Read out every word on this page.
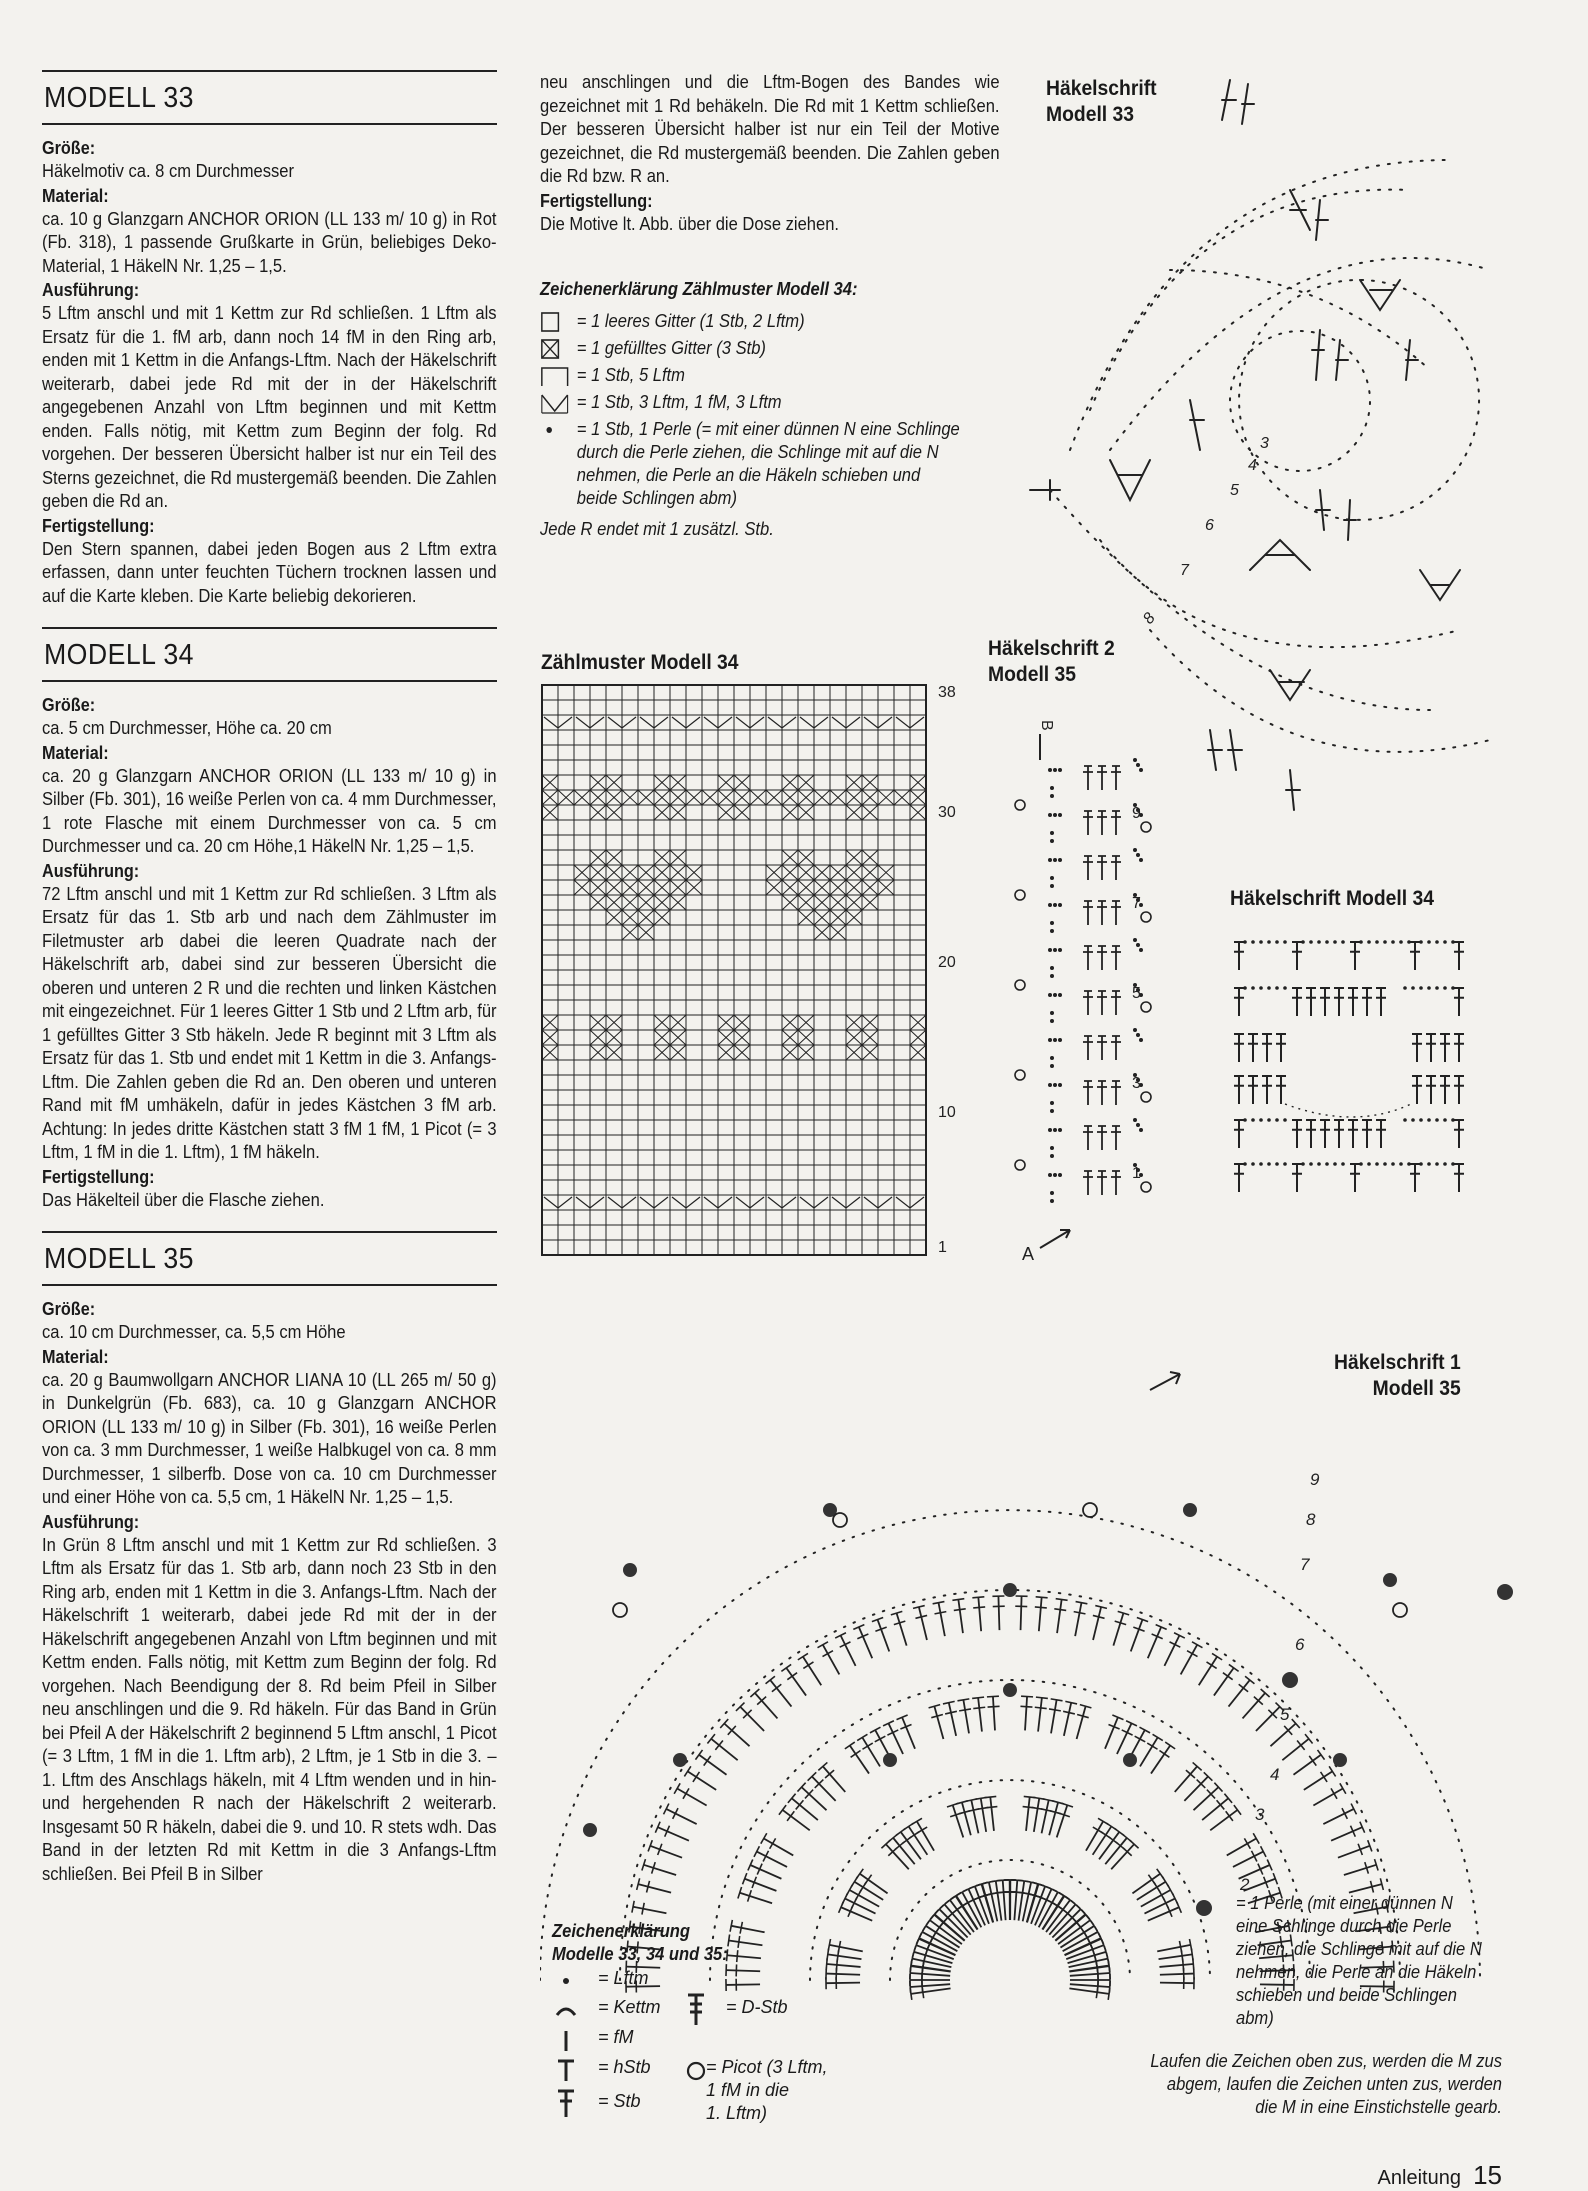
MODELL 33
Größe:
Häkelmotiv ca. 8 cm Durchmesser
Material:
ca. 10 g Glanzgarn ANCHOR ORION (LL 133 m/ 10 g) in Rot (Fb. 318), 1 passende Grußkarte in Grün, beliebiges Deko-Material, 1 HäkelN Nr. 1,25 – 1,5.
Ausführung:
5 Lftm anschl und mit 1 Kettm zur Rd schließen. 1 Lftm als Ersatz für die 1. fM arb, dann noch 14 fM in den Ring arb, enden mit 1 Kettm in die Anfangs-Lftm. Nach der Häkelschrift weiterarb, dabei jede Rd mit der in der Häkelschrift angegebenen Anzahl von Lftm beginnen und mit Kettm enden. Falls nötig, mit Kettm zum Beginn der folg. Rd vorgehen. Der besseren Übersicht halber ist nur ein Teil des Sterns gezeichnet, die Rd mustergemäß beenden. Die Zahlen geben die Rd an.
Fertigstellung:
Den Stern spannen, dabei jeden Bogen aus 2 Lftm extra erfassen, dann unter feuchten Tüchern trocknen lassen und auf die Karte kleben. Die Karte beliebig dekorieren.
MODELL 34
Größe:
ca. 5 cm Durchmesser, Höhe ca. 20 cm
Material:
ca. 20 g Glanzgarn ANCHOR ORION (LL 133 m/ 10 g) in Silber (Fb. 301), 16 weiße Perlen von ca. 4 mm Durchmesser, 1 rote Flasche mit einem Durchmesser von ca. 5 cm Durchmesser und ca. 20 cm Höhe,1 HäkelN Nr. 1,25 – 1,5.
Ausführung:
72 Lftm anschl und mit 1 Kettm zur Rd schließen. 3 Lftm als Ersatz für das 1. Stb arb und nach dem Zählmuster im Filetmuster arb dabei die leeren Quadrate nach der Häkelschrift arb, dabei sind zur besseren Übersicht die oberen und unteren 2 R und die rechten und linken Kästchen mit eingezeichnet. Für 1 leeres Gitter 1 Stb und 2 Lftm arb, für 1 gefülltes Gitter 3 Stb häkeln. Jede R beginnt mit 3 Lftm als Ersatz für das 1. Stb und endet mit 1 Kettm in die 3. Anfangs-Lftm. Die Zahlen geben die Rd an. Den oberen und unteren Rand mit fM umhäkeln, dafür in jedes Kästchen 3 fM arb. Achtung: In jedes dritte Kästchen statt 3 fM 1 fM, 1 Picot (= 3 Lftm, 1 fM in die 1. Lftm), 1 fM häkeln.
Fertigstellung:
Das Häkelteil über die Flasche ziehen.
MODELL 35
Größe:
ca. 10 cm Durchmesser, ca. 5,5 cm Höhe
Material:
ca. 20 g Baumwollgarn ANCHOR LIANA 10 (LL 265 m/ 50 g) in Dunkelgrün (Fb. 683), ca. 10 g Glanzgarn ANCHOR ORION (LL 133 m/ 10 g) in Silber (Fb. 301), 16 weiße Perlen von ca. 3 mm Durchmesser, 1 weiße Halbkugel von ca. 8 mm Durchmesser, 1 silberfb. Dose von ca. 10 cm Durchmesser und einer Höhe von ca. 5,5 cm, 1 HäkelN Nr. 1,25 – 1,5.
Ausführung:
In Grün 8 Lftm anschl und mit 1 Kettm zur Rd schließen. 3 Lftm als Ersatz für das 1. Stb arb, dann noch 23 Stb in den Ring arb, enden mit 1 Kettm in die 3. Anfangs-Lftm. Nach der Häkelschrift 1 weiterarb, dabei jede Rd mit der in der Häkelschrift angegebenen Anzahl von Lftm beginnen und mit Kettm enden. Falls nötig, mit Kettm zum Beginn der folg. Rd vorgehen. Nach Beendigung der 8. Rd beim Pfeil in Silber neu anschlingen und die 9. Rd häkeln. Für das Band in Grün bei Pfeil A der Häkelschrift 2 beginnend 5 Lftm anschl, 1 Picot (= 3 Lftm, 1 fM in die 1. Lftm arb), 2 Lftm, je 1 Stb in die 3. – 1. Lftm des Anschlags häkeln, mit 4 Lftm wenden und in hin- und hergehenden R nach der Häkelschrift 2 weiterarb. Insgesamt 50 R häkeln, dabei die 9. und 10. R stets wdh. Das Band in der letzten Rd mit Kettm in die 3 Anfangs-Lftm schließen. Bei Pfeil B in Silber
neu anschlingen und die Lftm-Bogen des Bandes wie gezeichnet mit 1 Rd behäkeln. Die Rd mit 1 Kettm schließen. Der besseren Übersicht halber ist nur ein Teil der Motive gezeichnet, die Rd mustergemäß beenden. Die Zahlen geben die Rd bzw. R an.
Fertigstellung:
Die Motive lt. Abb. über die Dose ziehen.
Zeichenerklärung Zählmuster Modell 34:
= 1 leeres Gitter (1 Stb, 2 Lftm)
= 1 gefülltes Gitter (3 Stb)
= 1 Stb, 5 Lftm
= 1 Stb, 3 Lftm, 1 fM, 3 Lftm
= 1 Stb, 1 Perle (= mit einer dünnen N eine Schlinge durch die Perle ziehen, die Schlinge mit auf die N nehmen, die Perle an die Häkeln schieben und beide Schlingen abm)
Jede R endet mit 1 zusätzl. Stb.
Zählmuster Modell 34
38
30
20
10
1
Häkelschrift
Modell 33
Häkelschrift 2
Modell 35
Häkelschrift Modell 34
Häkelschrift 1
Modell 35
8
7
6
5
4
3
B
9
7
5
3
1
A
9
8
7
6
5
4
3
2
Zeichenerklärung
Modelle 33, 34 und 35:
= Lftm
= Kettm
= fM
= hStb
= Stb
= D-Stb
= Picot (3 Lftm,
1 fM in die
1. Lftm)
= 1 Perle (mit einer dünnen N eine Schlinge durch die Perle ziehen, die Schlinge mit auf die N nehmen, die Perle an die Häkeln schieben und beide Schlingen abm)
Laufen die Zeichen oben zus, werden die M zus abgem, laufen die Zeichen unten zus, werden die M in eine Einstichstelle gearb.
Anleitung 15
